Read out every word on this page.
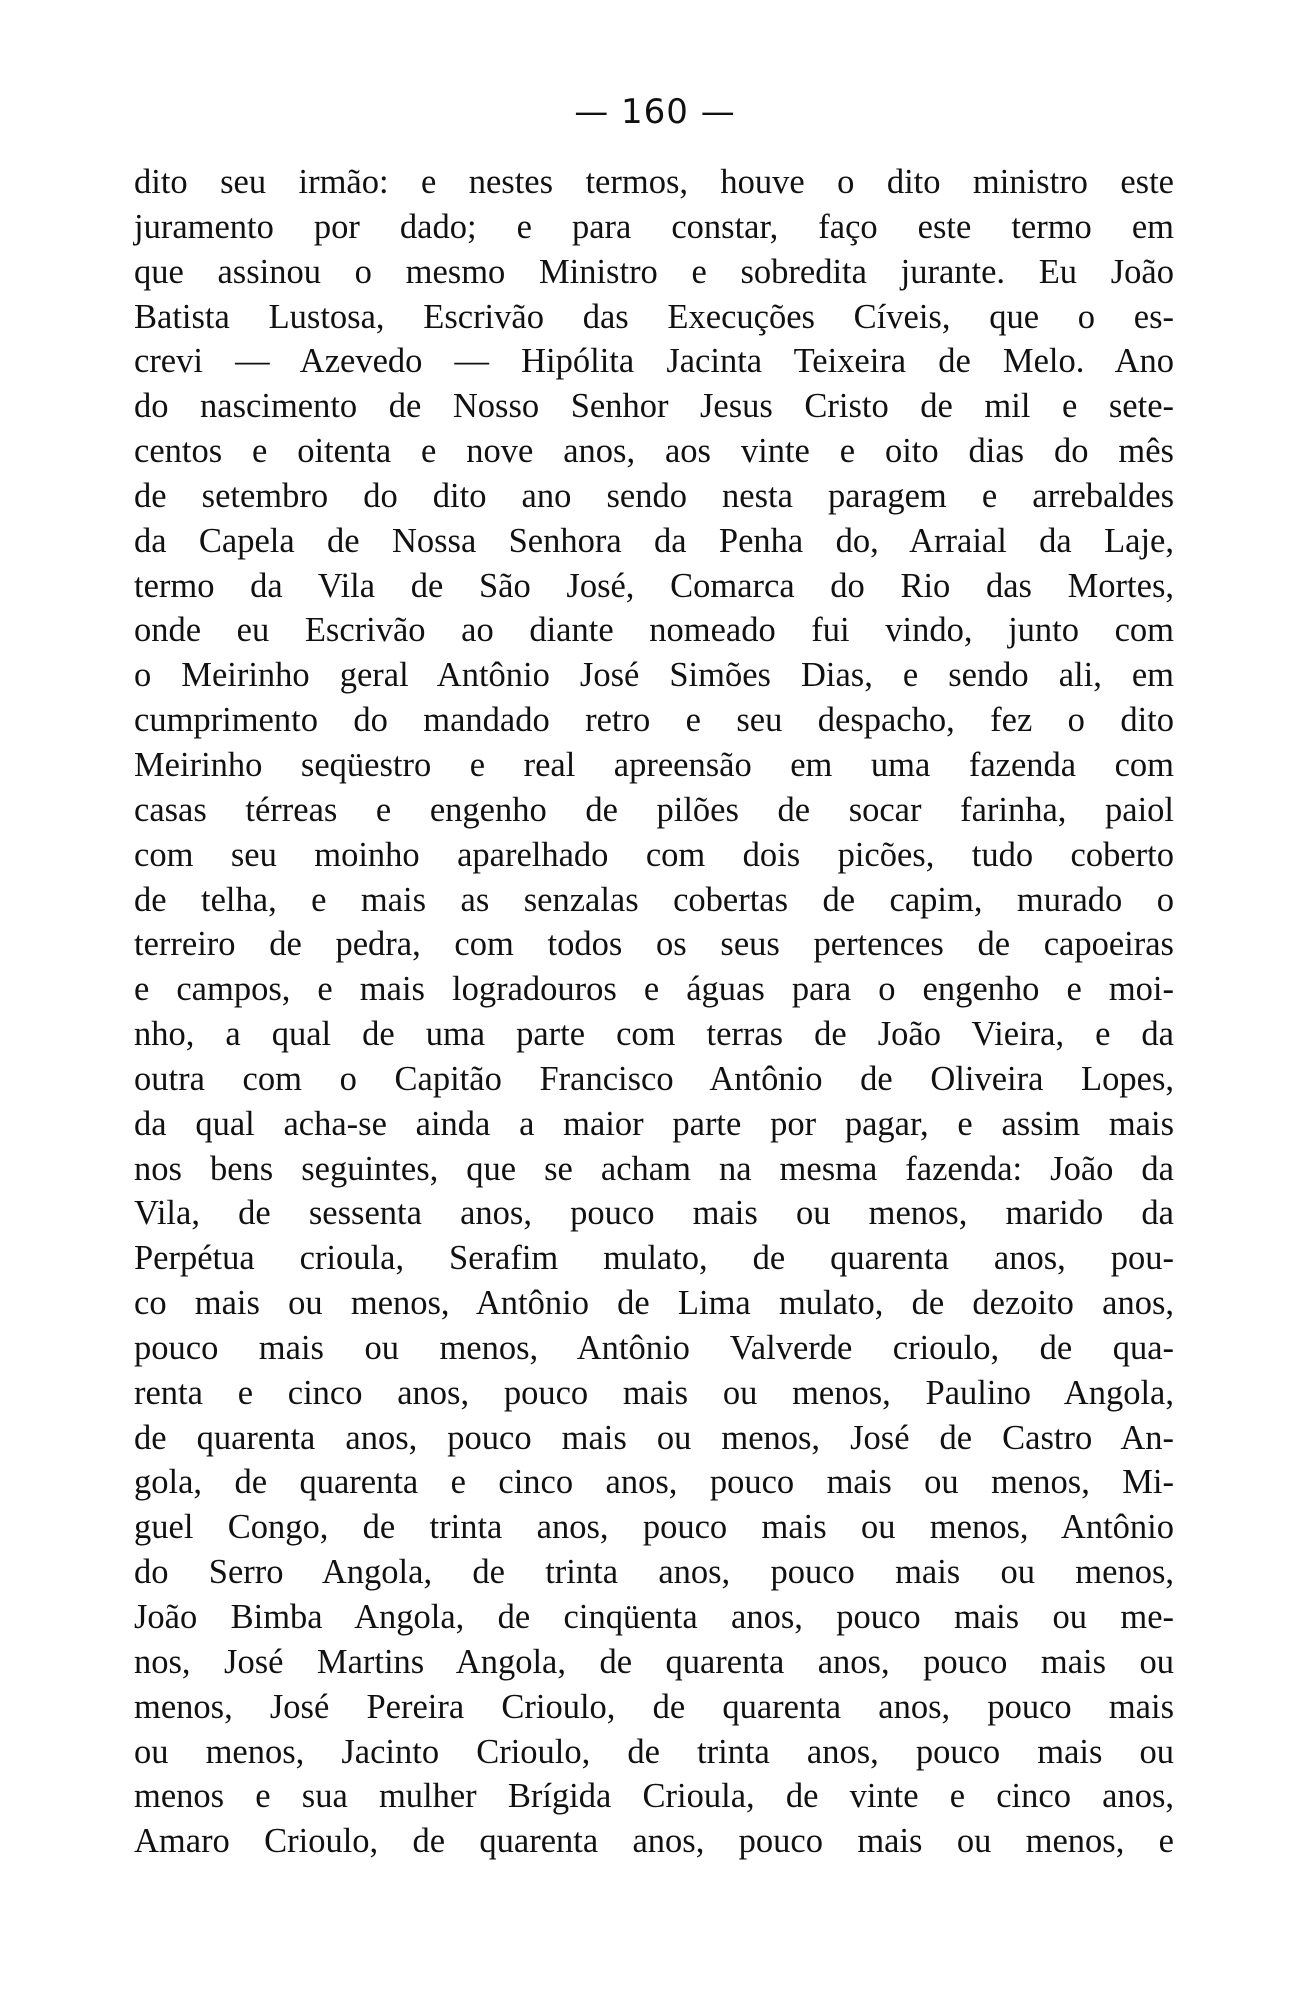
— 160 —
dito seu irmão: e nestes termos, houve o dito ministro este
juramento por dado; e para constar, faço este termo em
que assinou o mesmo Ministro e sobredita jurante. Eu João
Batista Lustosa, Escrivão das Execuções Cíveis, que o es-
crevi — Azevedo — Hipólita Jacinta Teixeira de Melo. Ano
do nascimento de Nosso Senhor Jesus Cristo de mil e sete-
centos e oitenta e nove anos, aos vinte e oito dias do mês
de setembro do dito ano sendo nesta paragem e arrebaldes
da Capela de Nossa Senhora da Penha do, Arraial da Laje,
termo da Vila de São José, Comarca do Rio das Mortes,
onde eu Escrivão ao diante nomeado fui vindo, junto com
o Meirinho geral Antônio José Simões Dias, e sendo ali, em
cumprimento do mandado retro e seu despacho, fez o dito
Meirinho seqüestro e real apreensão em uma fazenda com
casas térreas e engenho de pilões de socar farinha, paiol
com seu moinho aparelhado com dois picões, tudo coberto
de telha, e mais as senzalas cobertas de capim, murado o
terreiro de pedra, com todos os seus pertences de capoeiras
e campos, e mais logradouros e águas para o engenho e moi-
nho, a qual de uma parte com terras de João Vieira, e da
outra com o Capitão Francisco Antônio de Oliveira Lopes,
da qual acha-se ainda a maior parte por pagar, e assim mais
nos bens seguintes, que se acham na mesma fazenda: João da
Vila, de sessenta anos, pouco mais ou menos, marido da
Perpétua crioula, Serafim mulato, de quarenta anos, pou-
co mais ou menos, Antônio de Lima mulato, de dezoito anos,
pouco mais ou menos, Antônio Valverde crioulo, de qua-
renta e cinco anos, pouco mais ou menos, Paulino Angola,
de quarenta anos, pouco mais ou menos, José de Castro An-
gola, de quarenta e cinco anos, pouco mais ou menos, Mi-
guel Congo, de trinta anos, pouco mais ou menos, Antônio
do Serro Angola, de trinta anos, pouco mais ou menos,
João Bimba Angola, de cinqüenta anos, pouco mais ou me-
nos, José Martins Angola, de quarenta anos, pouco mais ou
menos, José Pereira Crioulo, de quarenta anos, pouco mais
ou menos, Jacinto Crioulo, de trinta anos, pouco mais ou
menos e sua mulher Brígida Crioula, de vinte e cinco anos,
Amaro Crioulo, de quarenta anos, pouco mais ou menos, e
